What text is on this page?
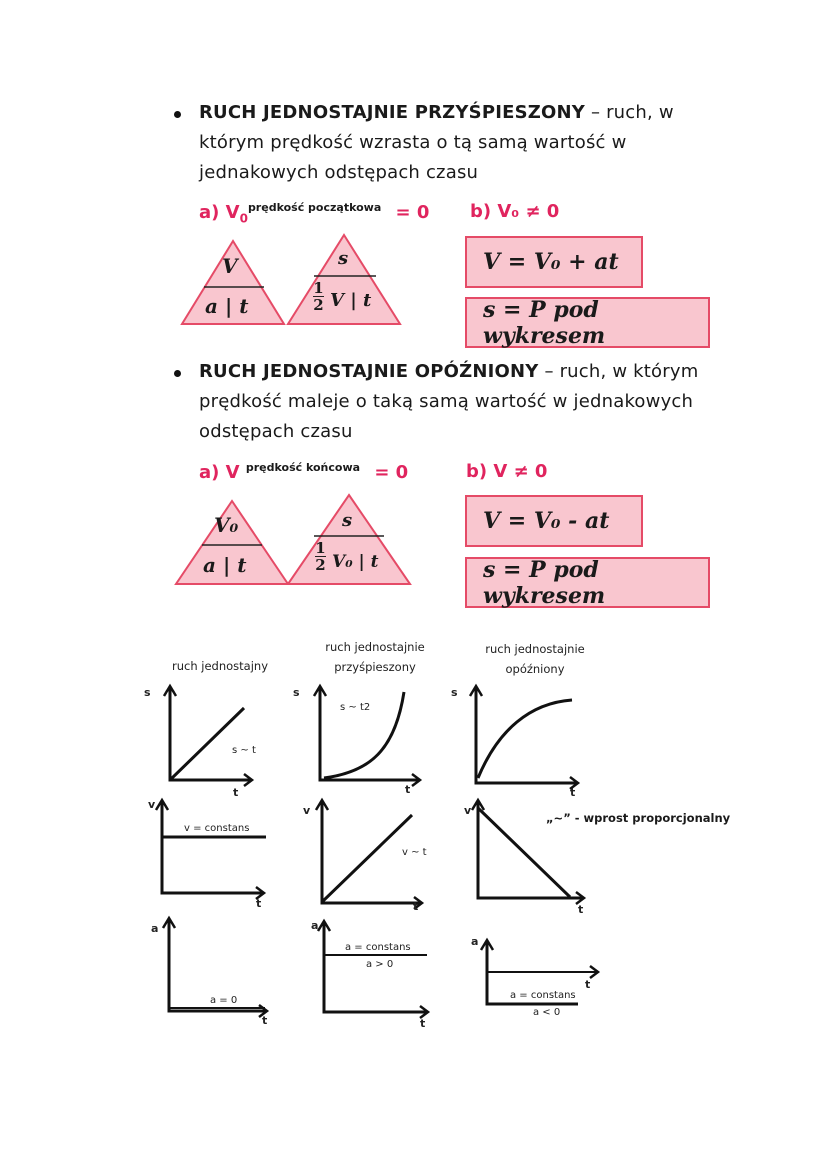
RUCH JEDNOSTAJNIE PRZYŚPIESZONY – ruch, w
którym prędkość wzrasta o tą samą wartość w
jednakowych odstępach czasu
a) $V_0^{prędkość początkowa} = 0$ b) V₀ ≠ 0
V
a | t
s
1
2 V | t
V = V₀ + at
s = P pod wykresem
RUCH JEDNOSTAJNIE OPÓŹNIONY – ruch, w którym
prędkość maleje o taką samą wartość w jednakowych
odstępach czasu
a) V $^{prędkość końcowa}$ = 0	b) V ≠ 0
V₀
a | t
s
1
2 V₀ | t
V = V₀ - at
s = P pod wykresem
ruch jednostajny
ruch jednostajnie
przyśpieszony
ruch jednostajnie
opóźniony
s	s	s
v	v	v
a	a
a
t
t
t
t
t
t
t
t
t
s ~ t
v = constans
a = 0
s ~ t2
v ~ t
a = constans
a > 0
a = constans
a < 0
„~” - wprost proporcjonalny
